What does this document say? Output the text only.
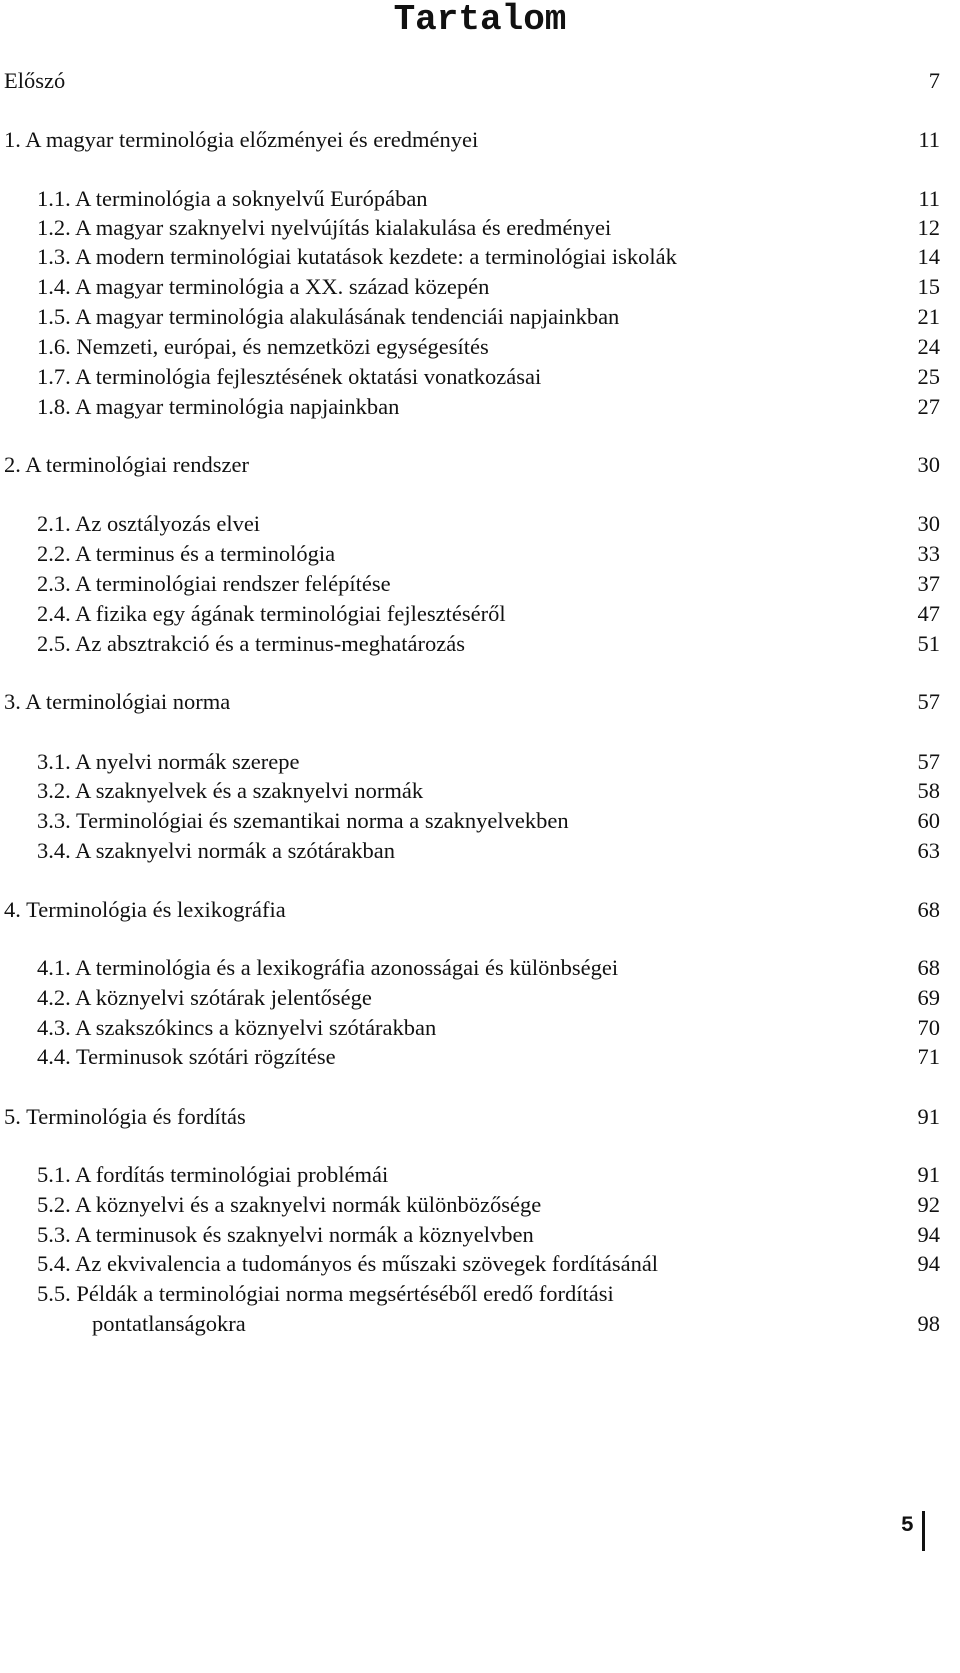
Tartalom
Előszó	7
1. A magyar terminológia előzményei és eredményei	11
1.1. A terminológia a soknyelvű Európában	11
1.2. A magyar szaknyelvi nyelvújítás kialakulása és eredményei	12
1.3. A modern terminológiai kutatások kezdete: a terminológiai iskolák	14
1.4. A magyar terminológia a XX. század közepén	15
1.5. A magyar terminológia alakulásának tendenciái napjainkban	21
1.6. Nemzeti, európai, és nemzetközi egységesítés	24
1.7. A terminológia fejlesztésének oktatási vonatkozásai	25
1.8. A magyar terminológia napjainkban	27
2. A terminológiai rendszer	30
2.1. Az osztályozás elvei	30
2.2. A terminus és a terminológia	33
2.3. A terminológiai rendszer felépítése	37
2.4. A fizika egy ágának terminológiai fejlesztéséről	47
2.5. Az absztrakció és a terminus-meghatározás	51
3. A terminológiai norma	57
3.1. A nyelvi normák szerepe	57
3.2. A szaknyelvek és a szaknyelvi normák	58
3.3. Terminológiai és szemantikai norma a szaknyelvekben	60
3.4. A szaknyelvi normák a szótárakban	63
4. Terminológia és lexikográfia	68
4.1. A terminológia és a lexikográfia azonosságai és különbségei	68
4.2. A köznyelvi szótárak jelentősége	69
4.3. A szakszókincs a köznyelvi szótárakban	70
4.4. Terminusok szótári rögzítése	71
5. Terminológia és fordítás	91
5.1. A fordítás terminológiai problémái	91
5.2. A köznyelvi és a szaknyelvi normák különbözősége	92
5.3. A terminusok és szaknyelvi normák a köznyelvben	94
5.4. Az ekvivalencia a tudományos és műszaki szövegek fordításánál	94
5.5. Példák a terminológiai norma megsértéséből eredő fordítási
pontatlanságokra	98
5
